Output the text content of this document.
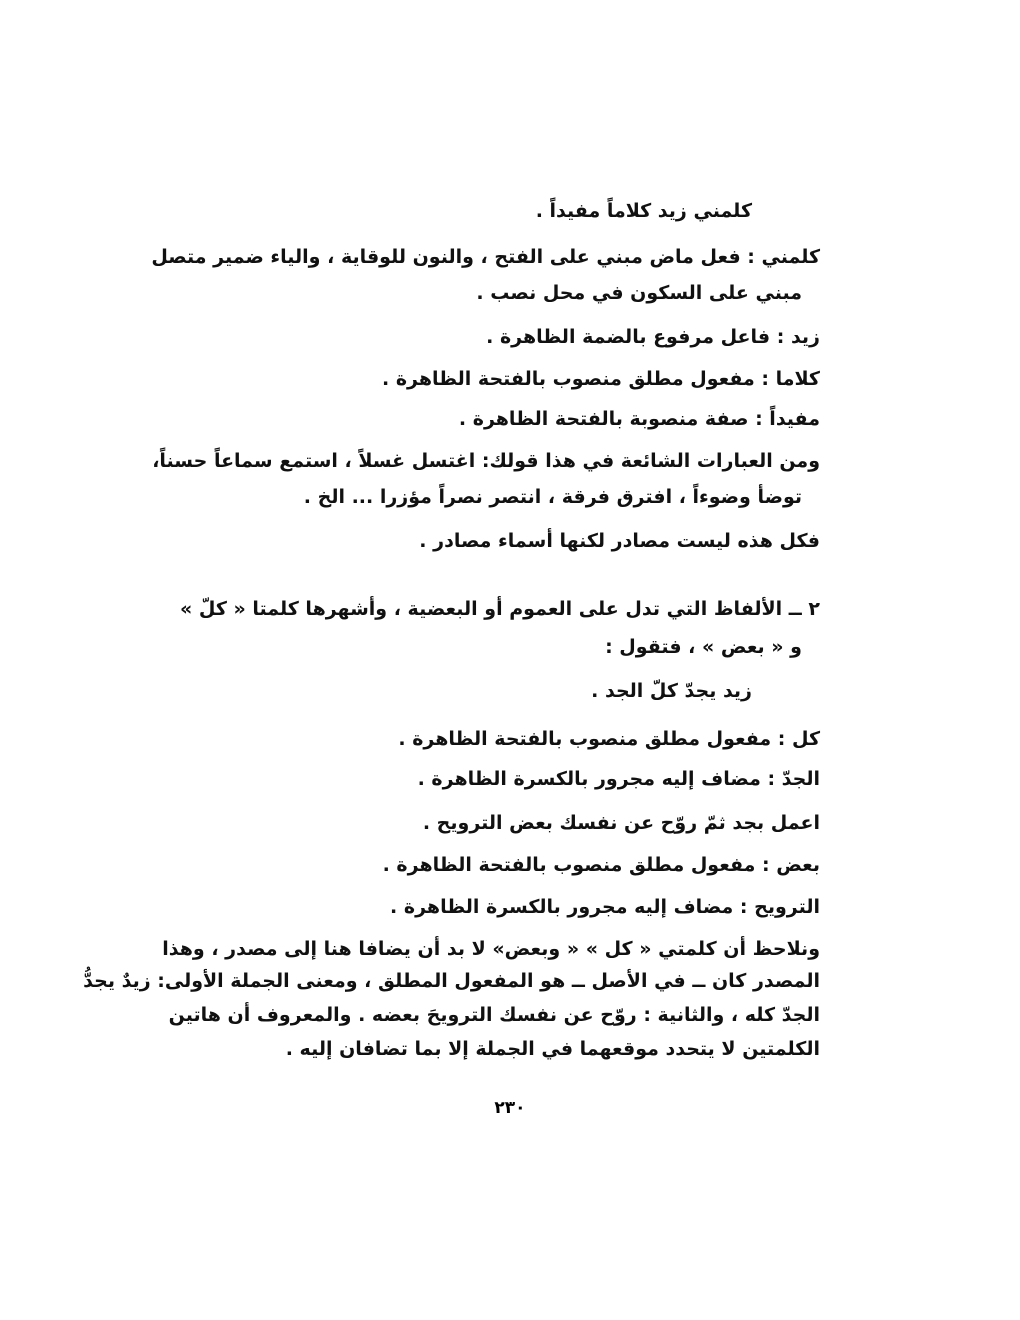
كلمني زيد كلاماً مفيداً .
كلمني : فعل ماض مبني على الفتح ، والنون للوقاية ، والياء ضمير متصل
مبني على السكون في محل نصب .
زيد : فاعل مرفوع بالضمة الظاهرة .
كلاما : مفعول مطلق منصوب بالفتحة الظاهرة .
مفيداً : صفة منصوبة بالفتحة الظاهرة .
ومن العبارات الشائعة في هذا قولك: اغتسل غسلاً ، استمع سماعاً حسناً،
توضأ وضوءاً ، افترق فرقة ، انتصر نصراً مؤزرا ... الخ .
فكل هذه ليست مصادر لكنها أسماء مصادر .
٢ ــ الألفاظ التي تدل على العموم أو البعضية ، وأشهرها كلمتا « كلّ »
و « بعض » ، فتقول :
زيد يجدّ كلّ الجد .
كل : مفعول مطلق منصوب بالفتحة الظاهرة .
الجدّ : مضاف إليه مجرور بالكسرة الظاهرة .
اعمل بجد ثمّ روّح عن نفسك بعض الترويح .
بعض : مفعول مطلق منصوب بالفتحة الظاهرة .
الترويح : مضاف إليه مجرور بالكسرة الظاهرة .
ونلاحظ أن كلمتي « كل » « وبعض» لا بد أن يضافا هنا إلى مصدر ، وهذا
المصدر كان ــ في الأصل ــ هو المفعول المطلق ، ومعنى الجملة الأولى: زيدٌ يجدُّ
الجدّ كله ، والثانية : روّح عن نفسك الترويحَ بعضه . والمعروف أن هاتين
الكلمتين لا يتحدد موقعهما في الجملة إلا بما تضافان إليه .
٢٣٠
